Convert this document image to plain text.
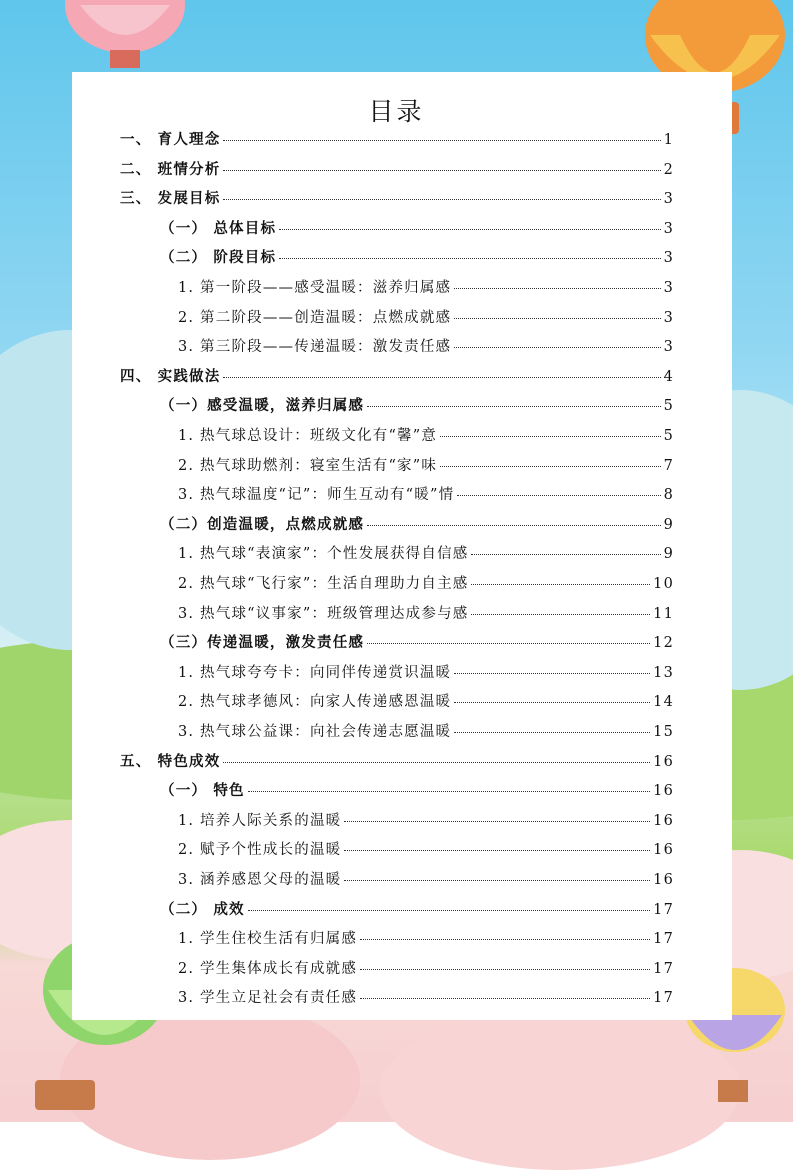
目录
一、 育人理念	1
二、 班情分析	2
三、 发展目标	3
（一） 总体目标	3
（二） 阶段目标	3
1. 第一阶段——感受温暖：滋养归属感	3
2. 第二阶段——创造温暖：点燃成就感	3
3. 第三阶段——传递温暖：激发责任感	3
四、 实践做法	4
（一）感受温暖，滋养归属感	5
1. 热气球总设计：班级文化有“馨”意	5
2. 热气球助燃剂：寝室生活有“家”味	7
3. 热气球温度“记”：师生互动有“暖”情	8
（二）创造温暖，点燃成就感	9
1. 热气球“表演家”：个性发展获得自信感	9
2. 热气球“飞行家”：生活自理助力自主感	10
3. 热气球“议事家”：班级管理达成参与感	11
（三）传递温暖，激发责任感	12
1. 热气球夸夸卡：向同伴传递赏识温暖	13
2. 热气球孝德风：向家人传递感恩温暖	14
3. 热气球公益课：向社会传递志愿温暖	15
五、 特色成效	16
（一） 特色	16
1. 培养人际关系的温暖	16
2. 赋予个性成长的温暖	16
3. 涵养感恩父母的温暖	16
（二） 成效	17
1. 学生住校生活有归属感	17
2. 学生集体成长有成就感	17
3. 学生立足社会有责任感	17
